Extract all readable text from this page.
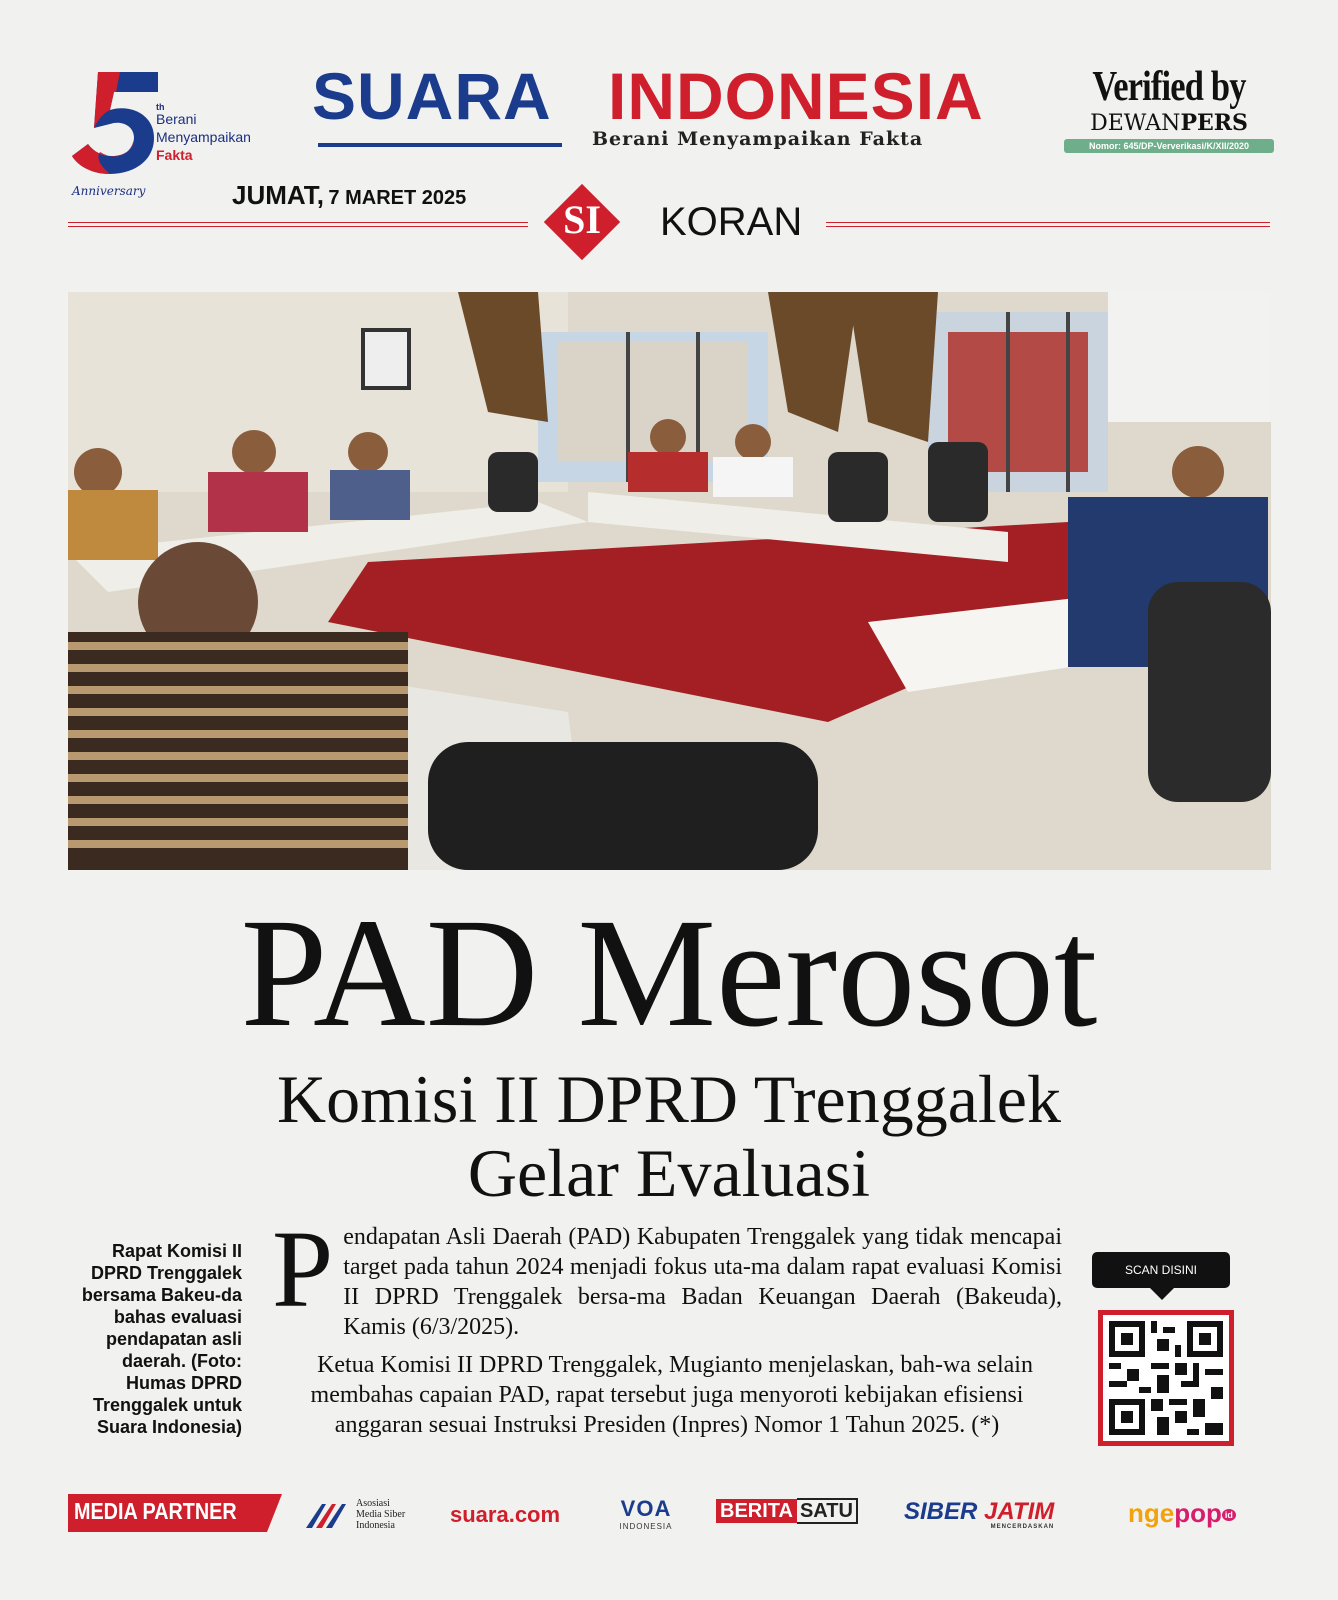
th
Berani
Menyampaikan
Fakta
Anniversary
SUARA INDONESIA
Berani Menyampaikan Fakta
Verified by
DEWANPERS
Nomor: 645/DP-Ververikasi/K/XII/2020
JUMAT, 7 MARET 2025	SI	KORAN
PAD Merosot
Komisi II DPRD Trenggalek
Gelar Evaluasi
Rapat Komisi II DPRD Trenggalek bersama Bakeu-da bahas evaluasi pendapatan asli daerah. (Foto: Humas DPRD Trenggalek untuk Suara Indonesia)
P endapatan Asli Daerah (PAD) Kabupaten Trenggalek yang tidak mencapai target pada tahun 2024 menjadi fokus uta-ma dalam rapat evaluasi Komisi II DPRD Trenggalek bersa-ma Badan Keuangan Daerah (Bakeuda), Kamis (6/3/2025).

Ketua Komisi II DPRD Trenggalek, Mugianto menjelaskan, bah-wa selain membahas capaian PAD, rapat tersebut juga menyoroti kebijakan efisiensi anggaran sesuai Instruksi Presiden (Inpres) Nomor 1 Tahun 2025. (*)

SCAN DISINI
MEDIA PARTNER	Asosiasi
Media Siber
Indonesia	suara.com	VOA
INDONESIA
BERITA SATU SIBER JATIM
MENCERDASKAN	ngepop id
